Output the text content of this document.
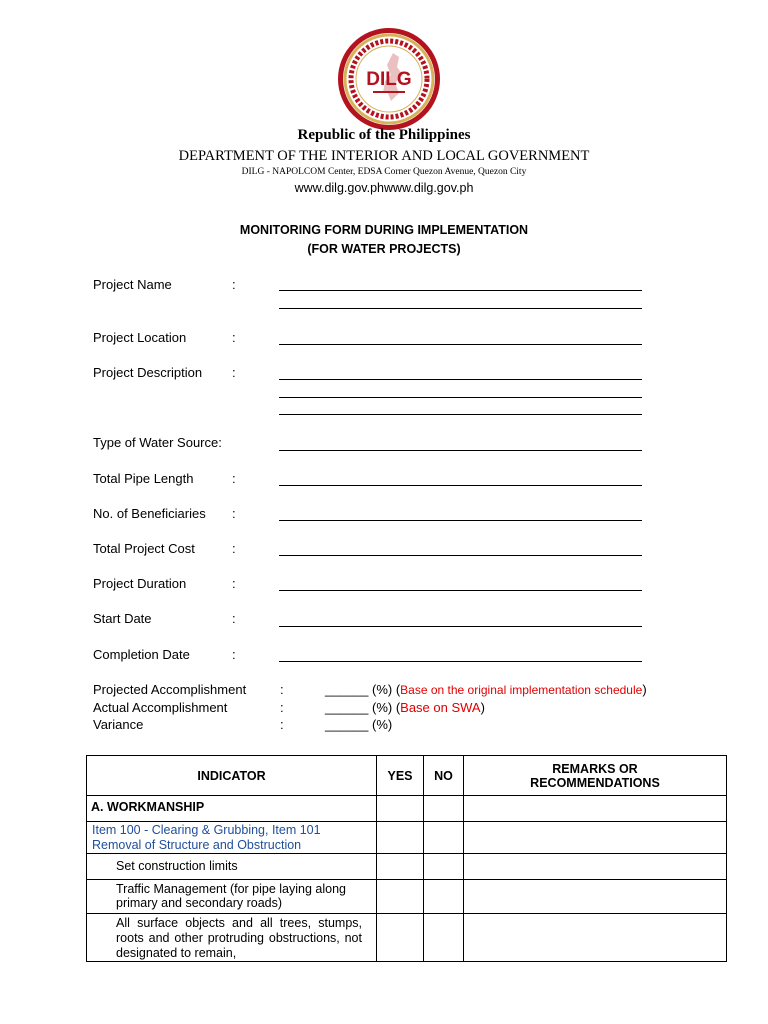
DILG
Republic of the Philippines
DEPARTMENT OF THE INTERIOR AND LOCAL GOVERNMENT
DILG - NAPOLCOM Center, EDSA Corner Quezon Avenue, Quezon City
www.dilg.gov.phwww.dilg.gov.ph
MONITORING FORM DURING IMPLEMENTATION
(FOR WATER PROJECTS)
Project Name	:
Project Location	:
Project Description :
Type of Water Source:
Total Pipe Length	:
No. of Beneficiaries :
Total Project Cost	:
Project Duration	:
Start Date	:
Completion Date	:
Projected Accomplishment	:	______ (%) (Base on the original implementation schedule)
Actual Accomplishment	:	______ (%) (Base on SWA)
Variance	:	______ (%)
INDICATOR	YES	NO	REMARKS OR RECOMMENDATIONS
A. WORKMANSHIP			
Item 100 - Clearing & Grubbing, Item 101 Removal of Structure and Obstruction			
Set construction limits			
Traffic Management (for pipe laying along primary and secondary roads)			
All surface objects and all trees, stumps, roots and other protruding obstructions, not designated to remain,			
